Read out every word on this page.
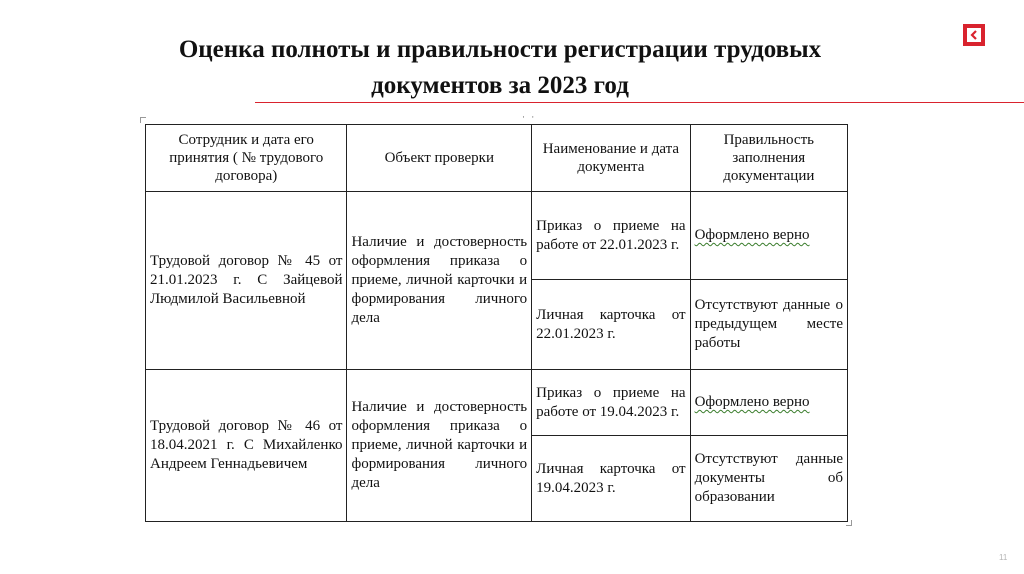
Оценка полноты и правильности регистрации трудовых
документов за 2023 год
· ·
Сотрудник и дата его принятия ( № трудового договора)	Объект проверки	Наименование и дата документа	Правильность заполнения документации
Трудовой договор № 45 от 21.01.2023 г. С Зайцевой Людмилой Васильевной	Наличие и достоверность оформления приказа о приеме, личной карточки и формирования личного дела	Приказ о приеме на работе от 22.01.2023 г.	Оформлено верно
		Личная карточка от 22.01.2023 г.	Отсутствуют данные о предыдущем месте работы
Трудовой договор № 46 от 18.04.2021 г. С Михайленко Андреем Геннадьевичем	Наличие и достоверность оформления приказа о приеме, личной карточки и формирования личного дела	Приказ о приеме на работе от 19.04.2023 г.	Оформлено верно
		Личная карточка от 19.04.2023 г.	Отсутствуют данные документы об образовании
11
